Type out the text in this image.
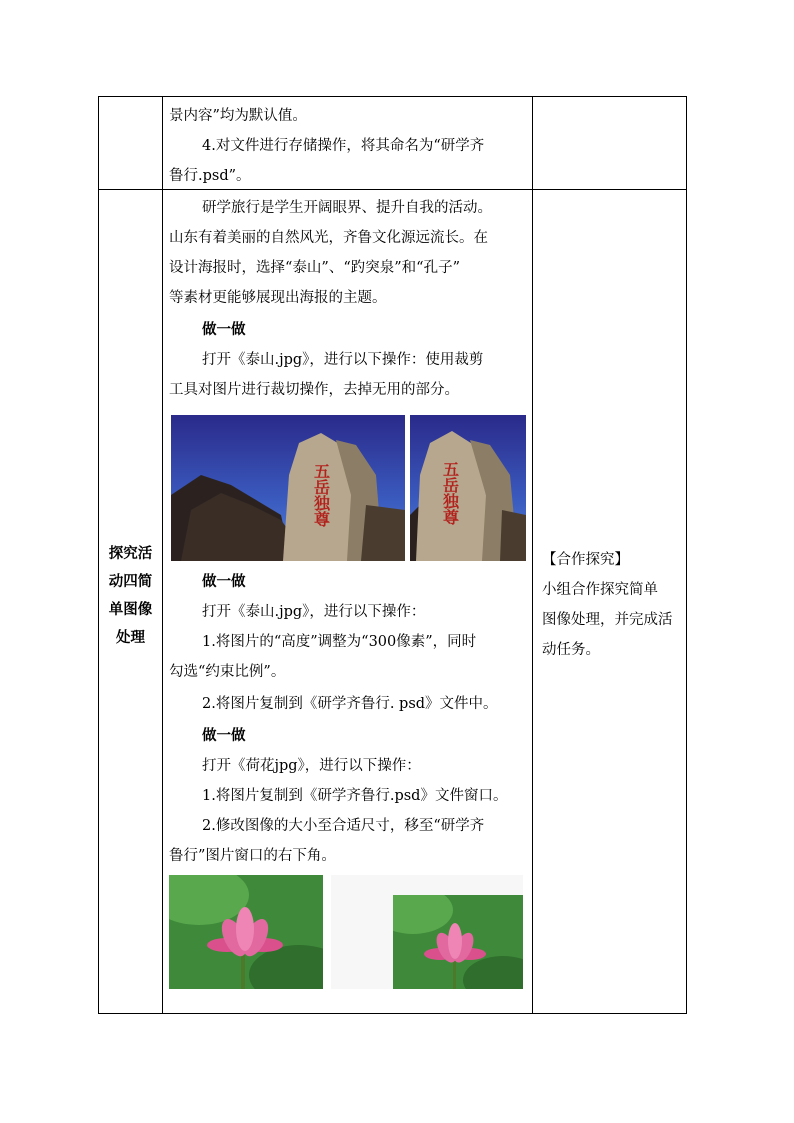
景内容”均为默认值。
4.对文件进行存储操作，将其命名为“研学齐
鲁行.psd”。
探究活
动四简
单图像
处理
研学旅行是学生开阔眼界、提升自我的活动。
山东有着美丽的自然风光，齐鲁文化源远流长。在
设计海报时，选择“泰山”、“趵突泉”和“孔子”
等素材更能够展现出海报的主题。
做一做
打开《泰山.jpg》，进行以下操作：使用裁剪
工具对图片进行裁切操作，去掉无用的部分。
五岳独尊	五岳独尊
做一做
打开《泰山.jpg》，进行以下操作：
1.将图片的“高度”调整为“300像素”，同时
勾选“约束比例”。
2.将图片复制到《研学齐鲁行. psd》文件中。
做一做
打开《荷花jpg》，进行以下操作：
1.将图片复制到《研学齐鲁行.psd》文件窗口。
2.修改图像的大小至合适尺寸，移至“研学齐
鲁行”图片窗口的右下角。
【合作探究】
小组合作探究简单
图像处理，并完成活
动任务。
